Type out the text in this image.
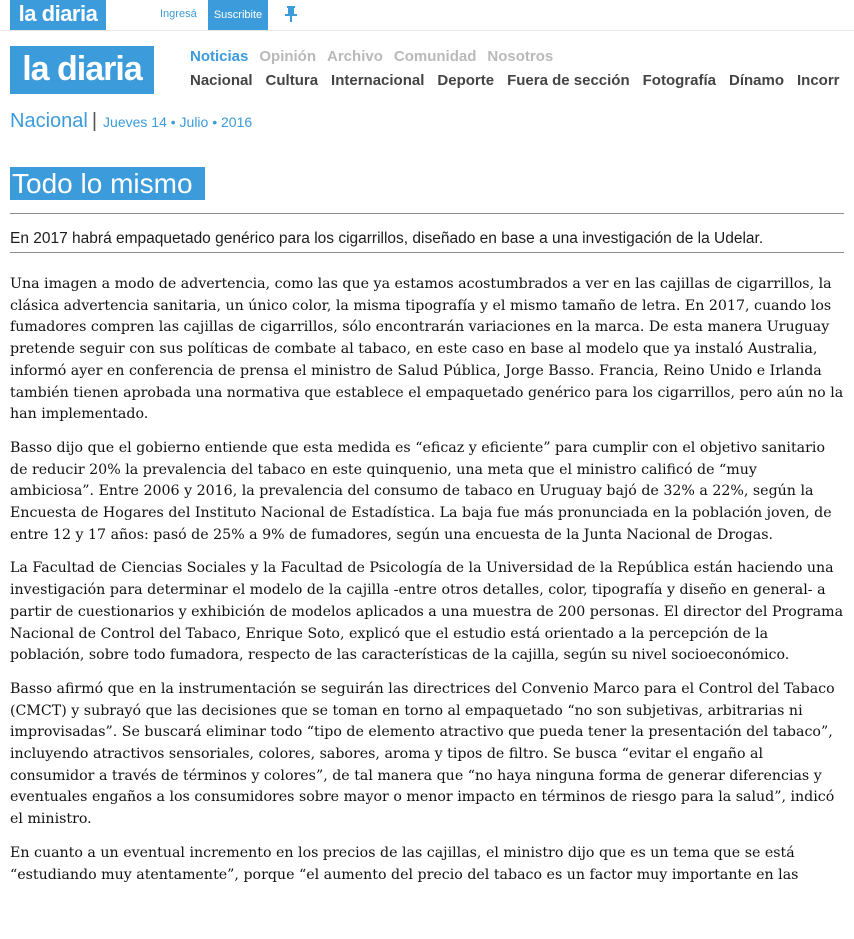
la diaria	Ingresá	Suscribite
la diaria	Noticias Opinión Archivo Comunidad Nosotros
Nacional Cultura Internacional Deporte Fuera de sección Fotografía Dínamo Incorr
Nacional | Jueves 14 • Julio • 2016
Todo lo mismo
En 2017 habrá empaquetado genérico para los cigarrillos, diseñado en base a una investigación de la Udelar.

Una imagen a modo de advertencia, como las que ya estamos acostumbrados a ver en las cajillas de cigarrillos, la clásica advertencia sanitaria, un único color, la misma tipografía y el mismo tamaño de letra. En 2017, cuando los fumadores compren las cajillas de cigarrillos, sólo encontrarán variaciones en la marca. De esta manera Uruguay pretende seguir con sus políticas de combate al tabaco, en este caso en base al modelo que ya instaló Australia, informó ayer en conferencia de prensa el ministro de Salud Pública, Jorge Basso. Francia, Reino Unido e Irlanda también tienen aprobada una normativa que establece el empaquetado genérico para los cigarrillos, pero aún no la han implementado.

Basso dijo que el gobierno entiende que esta medida es “eficaz y eficiente” para cumplir con el objetivo sanitario de reducir 20% la prevalencia del tabaco en este quinquenio, una meta que el ministro calificó de “muy ambiciosa”. Entre 2006 y 2016, la prevalencia del consumo de tabaco en Uruguay bajó de 32% a 22%, según la Encuesta de Hogares del Instituto Nacional de Estadística. La baja fue más pronunciada en la población joven, de entre 12 y 17 años: pasó de 25% a 9% de fumadores, según una encuesta de la Junta Nacional de Drogas.

La Facultad de Ciencias Sociales y la Facultad de Psicología de la Universidad de la República están haciendo una investigación para determinar el modelo de la cajilla -entre otros detalles, color, tipografía y diseño en general- a partir de cuestionarios y exhibición de modelos aplicados a una muestra de 200 personas. El director del Programa Nacional de Control del Tabaco, Enrique Soto, explicó que el estudio está orientado a la percepción de la población, sobre todo fumadora, respecto de las características de la cajilla, según su nivel socioeconómico.

Basso afirmó que en la instrumentación se seguirán las directrices del Convenio Marco para el Control del Tabaco (CMCT) y subrayó que las decisiones que se toman en torno al empaquetado “no son subjetivas, arbitrarias ni improvisadas”. Se buscará eliminar todo “tipo de elemento atractivo que pueda tener la presentación del tabaco”, incluyendo atractivos sensoriales, colores, sabores, aroma y tipos de filtro. Se busca “evitar el engaño al consumidor a través de términos y colores”, de tal manera que “no haya ninguna forma de generar diferencias y eventuales engaños a los consumidores sobre mayor o menor impacto en términos de riesgo para la salud”, indicó el ministro.

En cuanto a un eventual incremento en los precios de las cajillas, el ministro dijo que es un tema que se está “estudiando muy atentamente”, porque “el aumento del precio del tabaco es un factor muy importante en las
